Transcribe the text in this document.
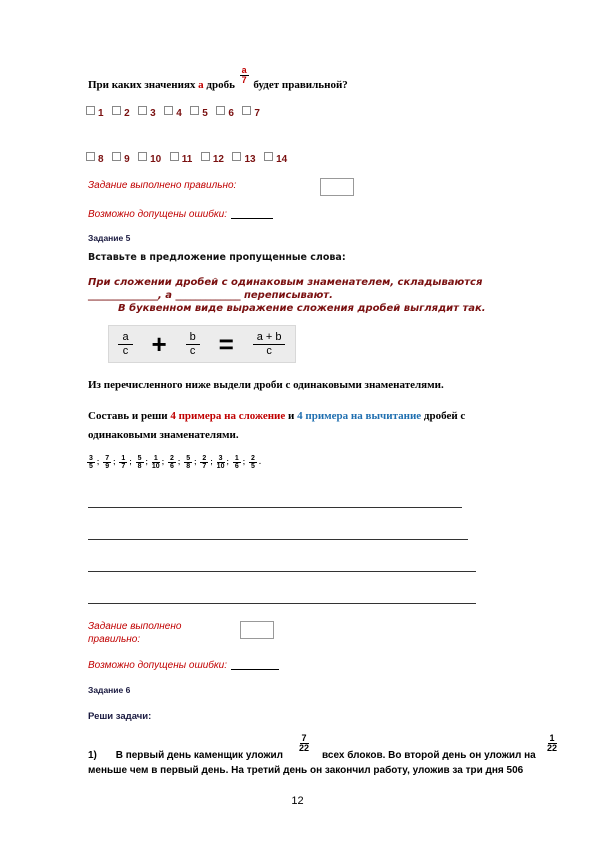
При каких значениях a дробь
$\frac{a}{7}$
будет правильной?
1 2 3 4 5 6 7
8 9 10 11 12 13 14
Задание выполнено правильно:
Возможно допущены ошибки:
Задание 5
Вставьте в предложение пропущенные слова:
При сложении дробей с одинаковым знаменателем, складываются
______________, а _____________ переписывают.
В буквенном виде выражение сложения дробей выглядит так.
a
$c + \frac{b}{c} = \frac{a + b}{c}$
Из перечисленного ниже выдели дроби с одинаковыми знаменателями.
Составь и реши 4 примера на сложение и 4 примера на вычитание дробей с
одинаковыми знаменателями.
$\frac{3}{5}$ ; $\frac{7}{9}$ ; $\frac{1}{7}$ ; $\frac{5}{8}$ ; $\frac{1}{10}$ ; $\frac{2}{6}$ ; $\frac{5}{8}$ ; $\frac{2}{7}$ ; $\frac{3}{10}$ ; $\frac{1}{6}$ ; $\frac{2}{5}$ .
Задание выполнено
правильно:
Возможно допущены ошибки:
Задание 6
Реши задачи:
1) В первый день каменщик уложил
7
22
всех блоков. Во второй день он уложил на
1
22
меньше чем в первый день. На третий день он закончил работу, уложив за три дня 506
12
